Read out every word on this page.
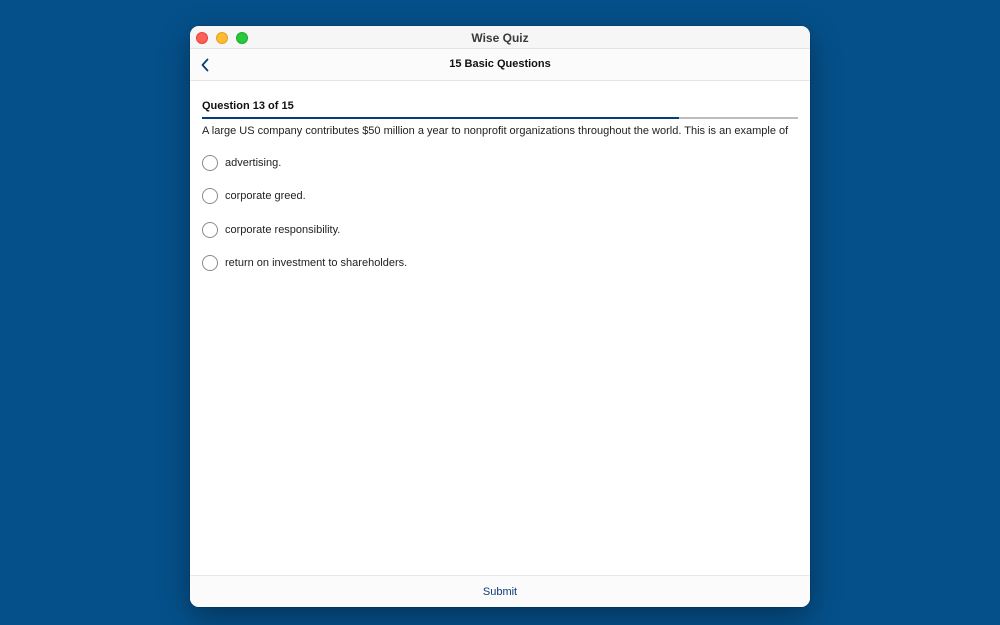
Wise Quiz
15 Basic Questions
Question 13 of 15
A large US company contributes $50 million a year to nonprofit organizations throughout the world. This is an example of
advertising.
corporate greed.
corporate responsibility.
return on investment to shareholders.
Submit
